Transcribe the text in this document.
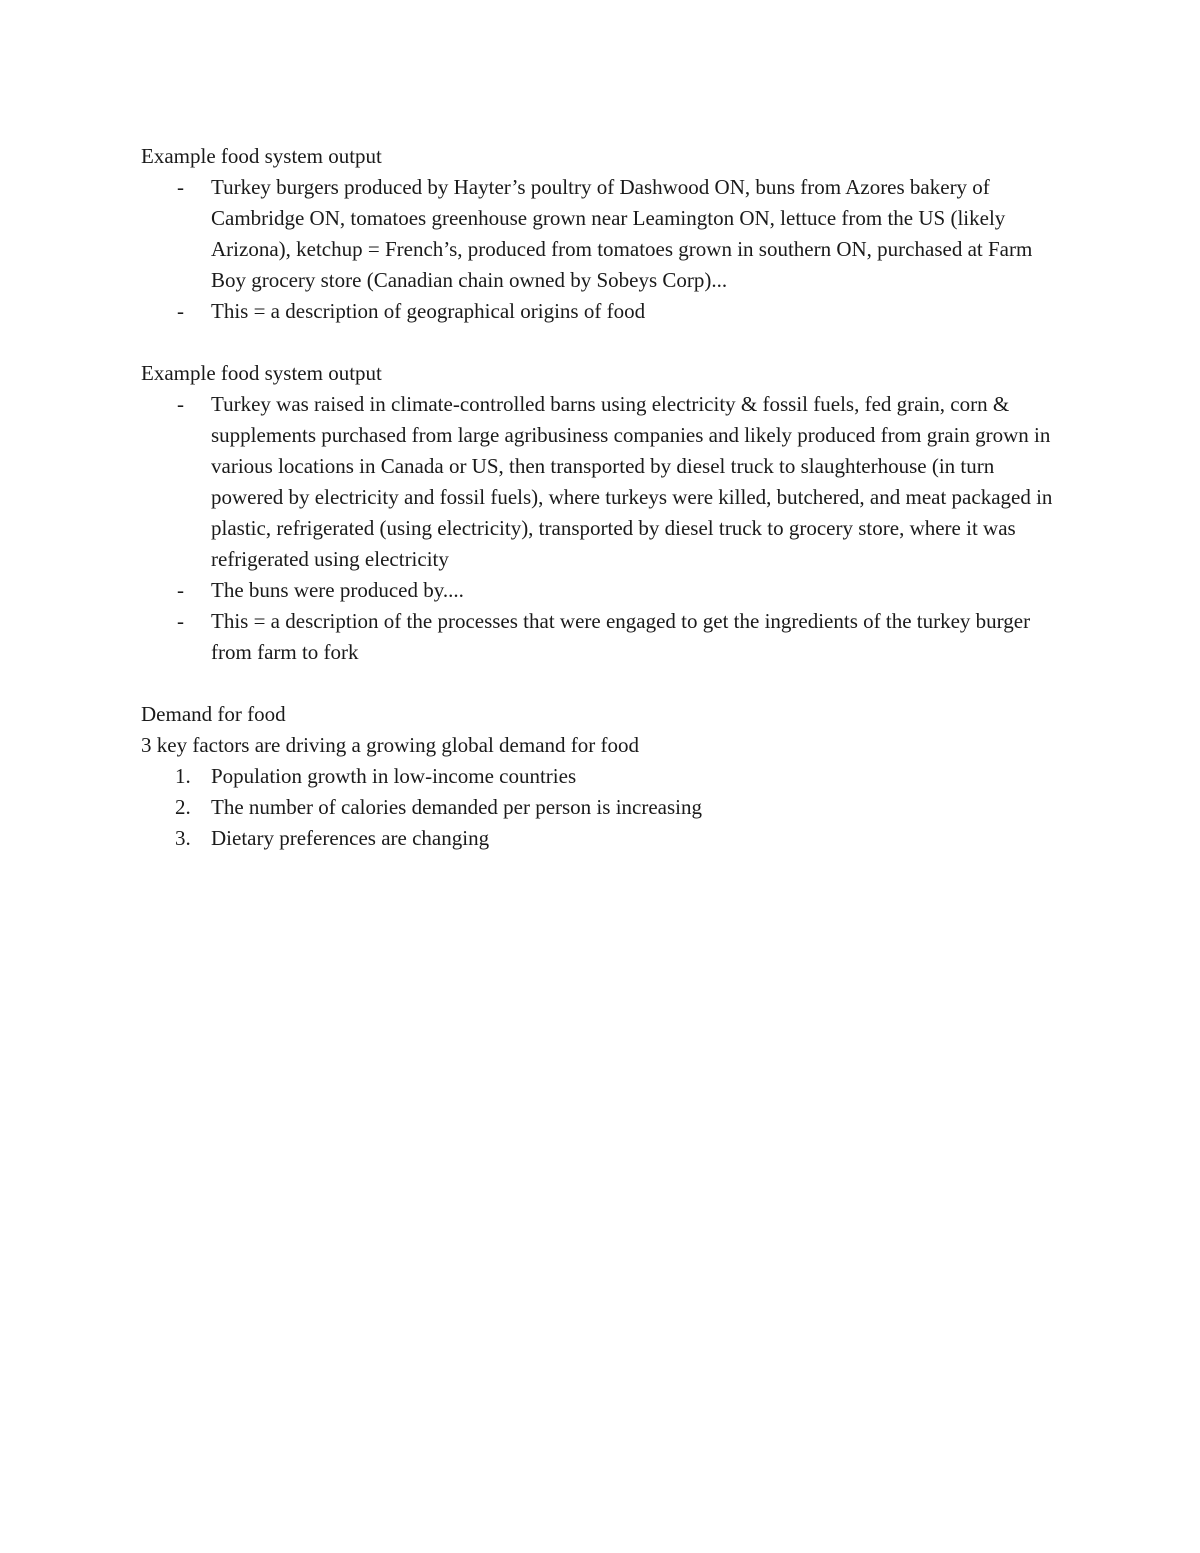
Example food system output

- Turkey burgers produced by Hayter’s poultry of Dashwood ON, buns from Azores bakery of Cambridge ON, tomatoes greenhouse grown near Leamington ON, lettuce from the US (likely Arizona), ketchup = French’s, produced from tomatoes grown in southern ON, purchased at Farm Boy grocery store (Canadian chain owned by Sobeys Corp)...
- This = a description of geographical origins of food

Example food system output

- Turkey was raised in climate-controlled barns using electricity & fossil fuels, fed grain, corn & supplements purchased from large agribusiness companies and likely produced from grain grown in various locations in Canada or US, then transported by diesel truck to slaughterhouse (in turn powered by electricity and fossil fuels), where turkeys were killed, butchered, and meat packaged in plastic, refrigerated (using electricity), transported by diesel truck to grocery store, where it was refrigerated using electricity
- The buns were produced by....
- This = a description of the processes that were engaged to get the ingredients of the turkey burger from farm to fork

Demand for food

3 key factors are driving a growing global demand for food

1. Population growth in low-income countries
2. The number of calories demanded per person is increasing
3. Dietary preferences are changing
